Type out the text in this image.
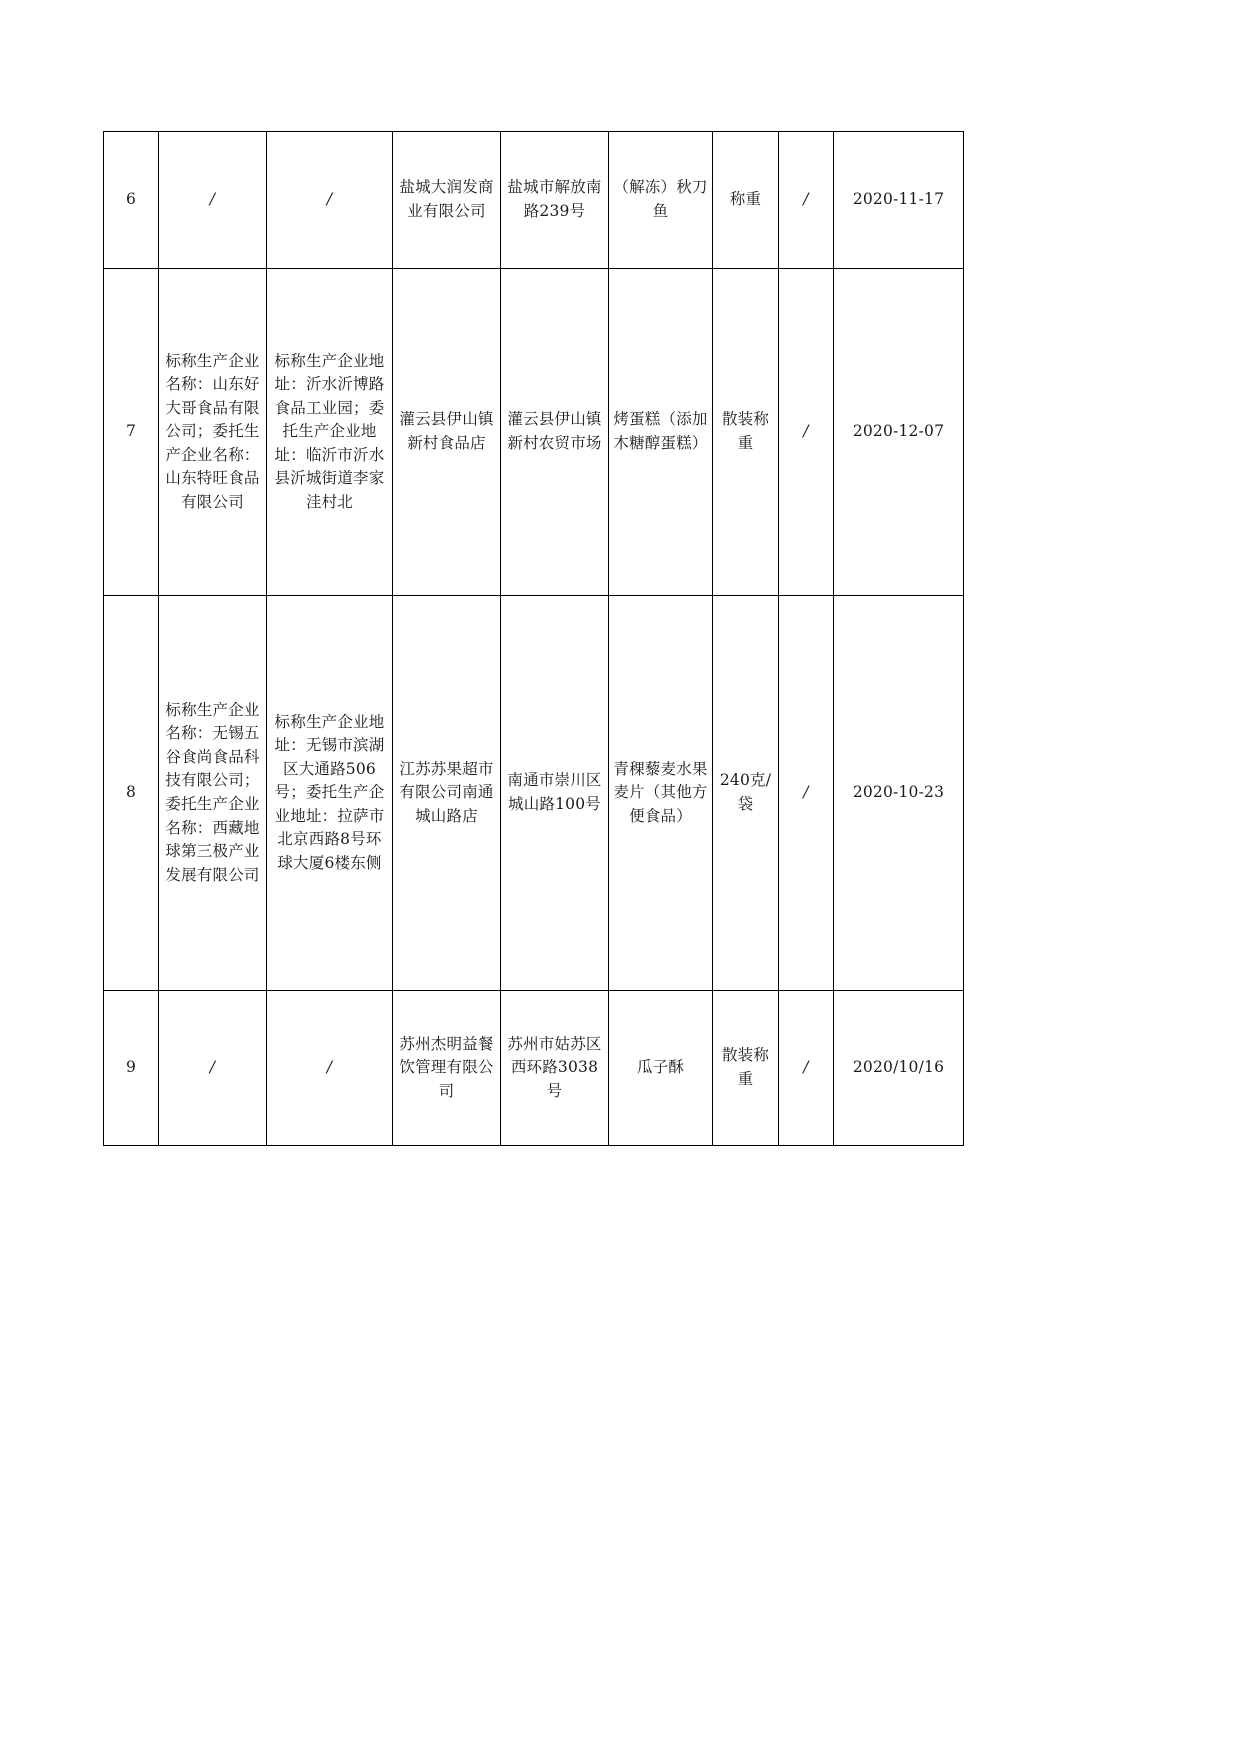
6	/	/	盐城大润发商业有限公司	盐城市解放南路239号	（解冻）秋刀鱼	称重	/	2020-11-17
7	标称生产企业名称：山东好大哥食品有限公司；委托生产企业名称：山东特旺食品有限公司	标称生产企业地址：沂水沂博路食品工业园；委托生产企业地址：临沂市沂水县沂城街道李家洼村北	灌云县伊山镇新村食品店	灌云县伊山镇新村农贸市场	烤蛋糕（添加木糖醇蛋糕）	散装称重	/	2020-12-07
8	标称生产企业名称：无锡五谷食尚食品科技有限公司；委托生产企业名称：西藏地球第三极产业发展有限公司	标称生产企业地址：无锡市滨湖区大通路506号；委托生产企业地址：拉萨市北京西路8号环球大厦6楼东侧	江苏苏果超市有限公司南通城山路店	南通市崇川区城山路100号	青稞藜麦水果麦片（其他方便食品）	240克/袋	/	2020-10-23
9	/	/	苏州杰明益餐饮管理有限公司	苏州市姑苏区西环路3038号	瓜子酥	散装称重	/	2020/10/16
